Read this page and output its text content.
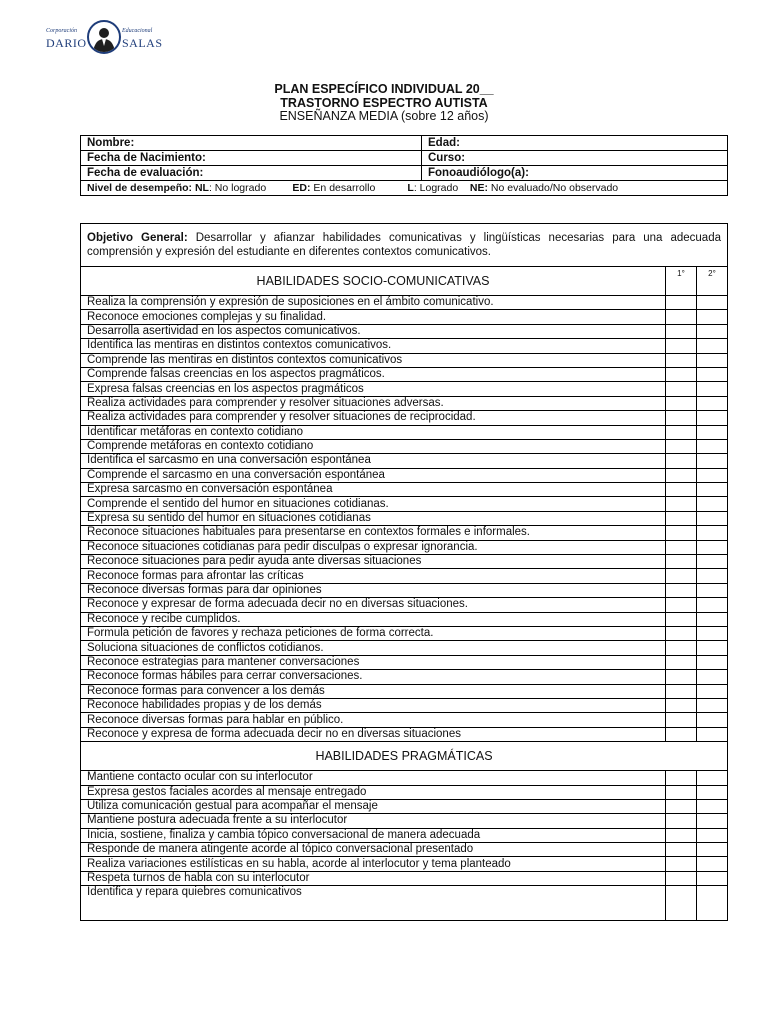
Corporación	Educacional
DARIO	SALAS
PLAN ESPECÍFICO INDIVIDUAL 20__
TRASTORNO ESPECTRO AUTISTA
ENSEÑANZA MEDIA (sobre 12 años)
Nombre:	Edad:
Fecha de Nacimiento:	Curso:
Fecha de evaluación:	Fonoaudiólogo(a):
Nivel de desempeño: NL: No logrado ED: En desarrollo L: Logrado NE: No evaluado/No observado	
Objetivo General: Desarrollar y afianzar habilidades comunicativas y lingüísticas necesarias para una adecuada comprensión y expresión del estudiante en diferentes contextos comunicativos.		
HABILIDADES SOCIO-COMUNICATIVAS	1°	2°
Realiza la comprensión y expresión de suposiciones en el ámbito comunicativo.		
Reconoce emociones complejas y su finalidad.		
Desarrolla asertividad en los aspectos comunicativos.		
Identifica las mentiras en distintos contextos comunicativos.		
Comprende las mentiras en distintos contextos comunicativos		
Comprende falsas creencias en los aspectos pragmáticos.		
Expresa falsas creencias en los aspectos pragmáticos		
Realiza actividades para comprender y resolver situaciones adversas.		
Realiza actividades para comprender y resolver situaciones de reciprocidad.		
Identificar metáforas en contexto cotidiano		
Comprende metáforas en contexto cotidiano		
Identifica el sarcasmo en una conversación espontánea		
Comprende el sarcasmo en una conversación espontánea		
Expresa sarcasmo en conversación espontánea		
Comprende el sentido del humor en situaciones cotidianas.		
Expresa su sentido del humor en situaciones cotidianas		
Reconoce situaciones habituales para presentarse en contextos formales e informales.		
Reconoce situaciones cotidianas para pedir disculpas o expresar ignorancia.		
Reconoce situaciones para pedir ayuda ante diversas situaciones		
Reconoce formas para afrontar las críticas		
Reconoce diversas formas para dar opiniones		
Reconoce y expresar de forma adecuada decir no en diversas situaciones.		
Reconoce y recibe cumplidos.		
Formula petición de favores y rechaza peticiones de forma correcta.		
Soluciona situaciones de conflictos cotidianos.		
Reconoce estrategias para mantener conversaciones		
Reconoce formas hábiles para cerrar conversaciones.		
Reconoce formas para convencer a los demás		
Reconoce habilidades propias y de los demás		
Reconoce diversas formas para hablar en público.		
Reconoce y expresa de forma adecuada decir no en diversas situaciones		
HABILIDADES PRAGMÁTICAS		
Mantiene contacto ocular con su interlocutor		
Expresa gestos faciales acordes al mensaje entregado		
Utiliza comunicación gestual para acompañar el mensaje		
Mantiene postura adecuada frente a su interlocutor		
Inicia, sostiene, finaliza y cambia tópico conversacional de manera adecuada		
Responde de manera atingente acorde al tópico conversacional presentado		
Realiza variaciones estilísticas en su habla, acorde al interlocutor y tema planteado		
Respeta turnos de habla con su interlocutor		
Identifica y repara quiebres comunicativos		
